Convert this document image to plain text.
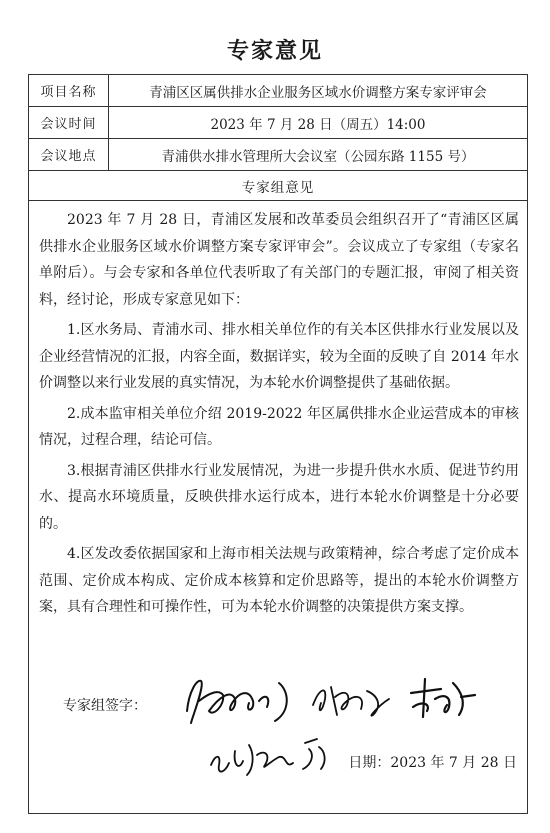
专家意见
项目名称	青浦区区属供排水企业服务区域水价调整方案专家评审会
会议时间	2023 年 7 月 28 日（周五）14:00
会议地点	青浦供水排水管理所大会议室（公园东路 1155 号）
专家组意见

2023 年 7 月 28 日，青浦区发展和改革委员会组织召开了“青浦区区属供排水企业服务区域水价调整方案专家评审会”。会议成立了专家组（专家名单附后）。与会专家和各单位代表听取了有关部门的专题汇报，审阅了相关资料，经讨论，形成专家意见如下：

1.区水务局、青浦水司、排水相关单位作的有关本区供排水行业发展以及企业经营情况的汇报，内容全面，数据详实，较为全面的反映了自 2014 年水价调整以来行业发展的真实情况，为本轮水价调整提供了基础依据。

2.成本监审相关单位介绍 2019-2022 年区属供排水企业运营成本的审核情况，过程合理，结论可信。

3.根据青浦区供排水行业发展情况，为进一步提升供水水质、促进节约用水、提高水环境质量，反映供排水运行成本，进行本轮水价调整是十分必要的。

4.区发改委依据国家和上海市相关法规与政策精神，综合考虑了定价成本范围、定价成本构成、定价成本核算和定价思路等，提出的本轮水价调整方案，具有合理性和可操作性，可为本轮水价调整的决策提供方案支撑。

专家组签字：
日期：2023 年 7 月 28 日
